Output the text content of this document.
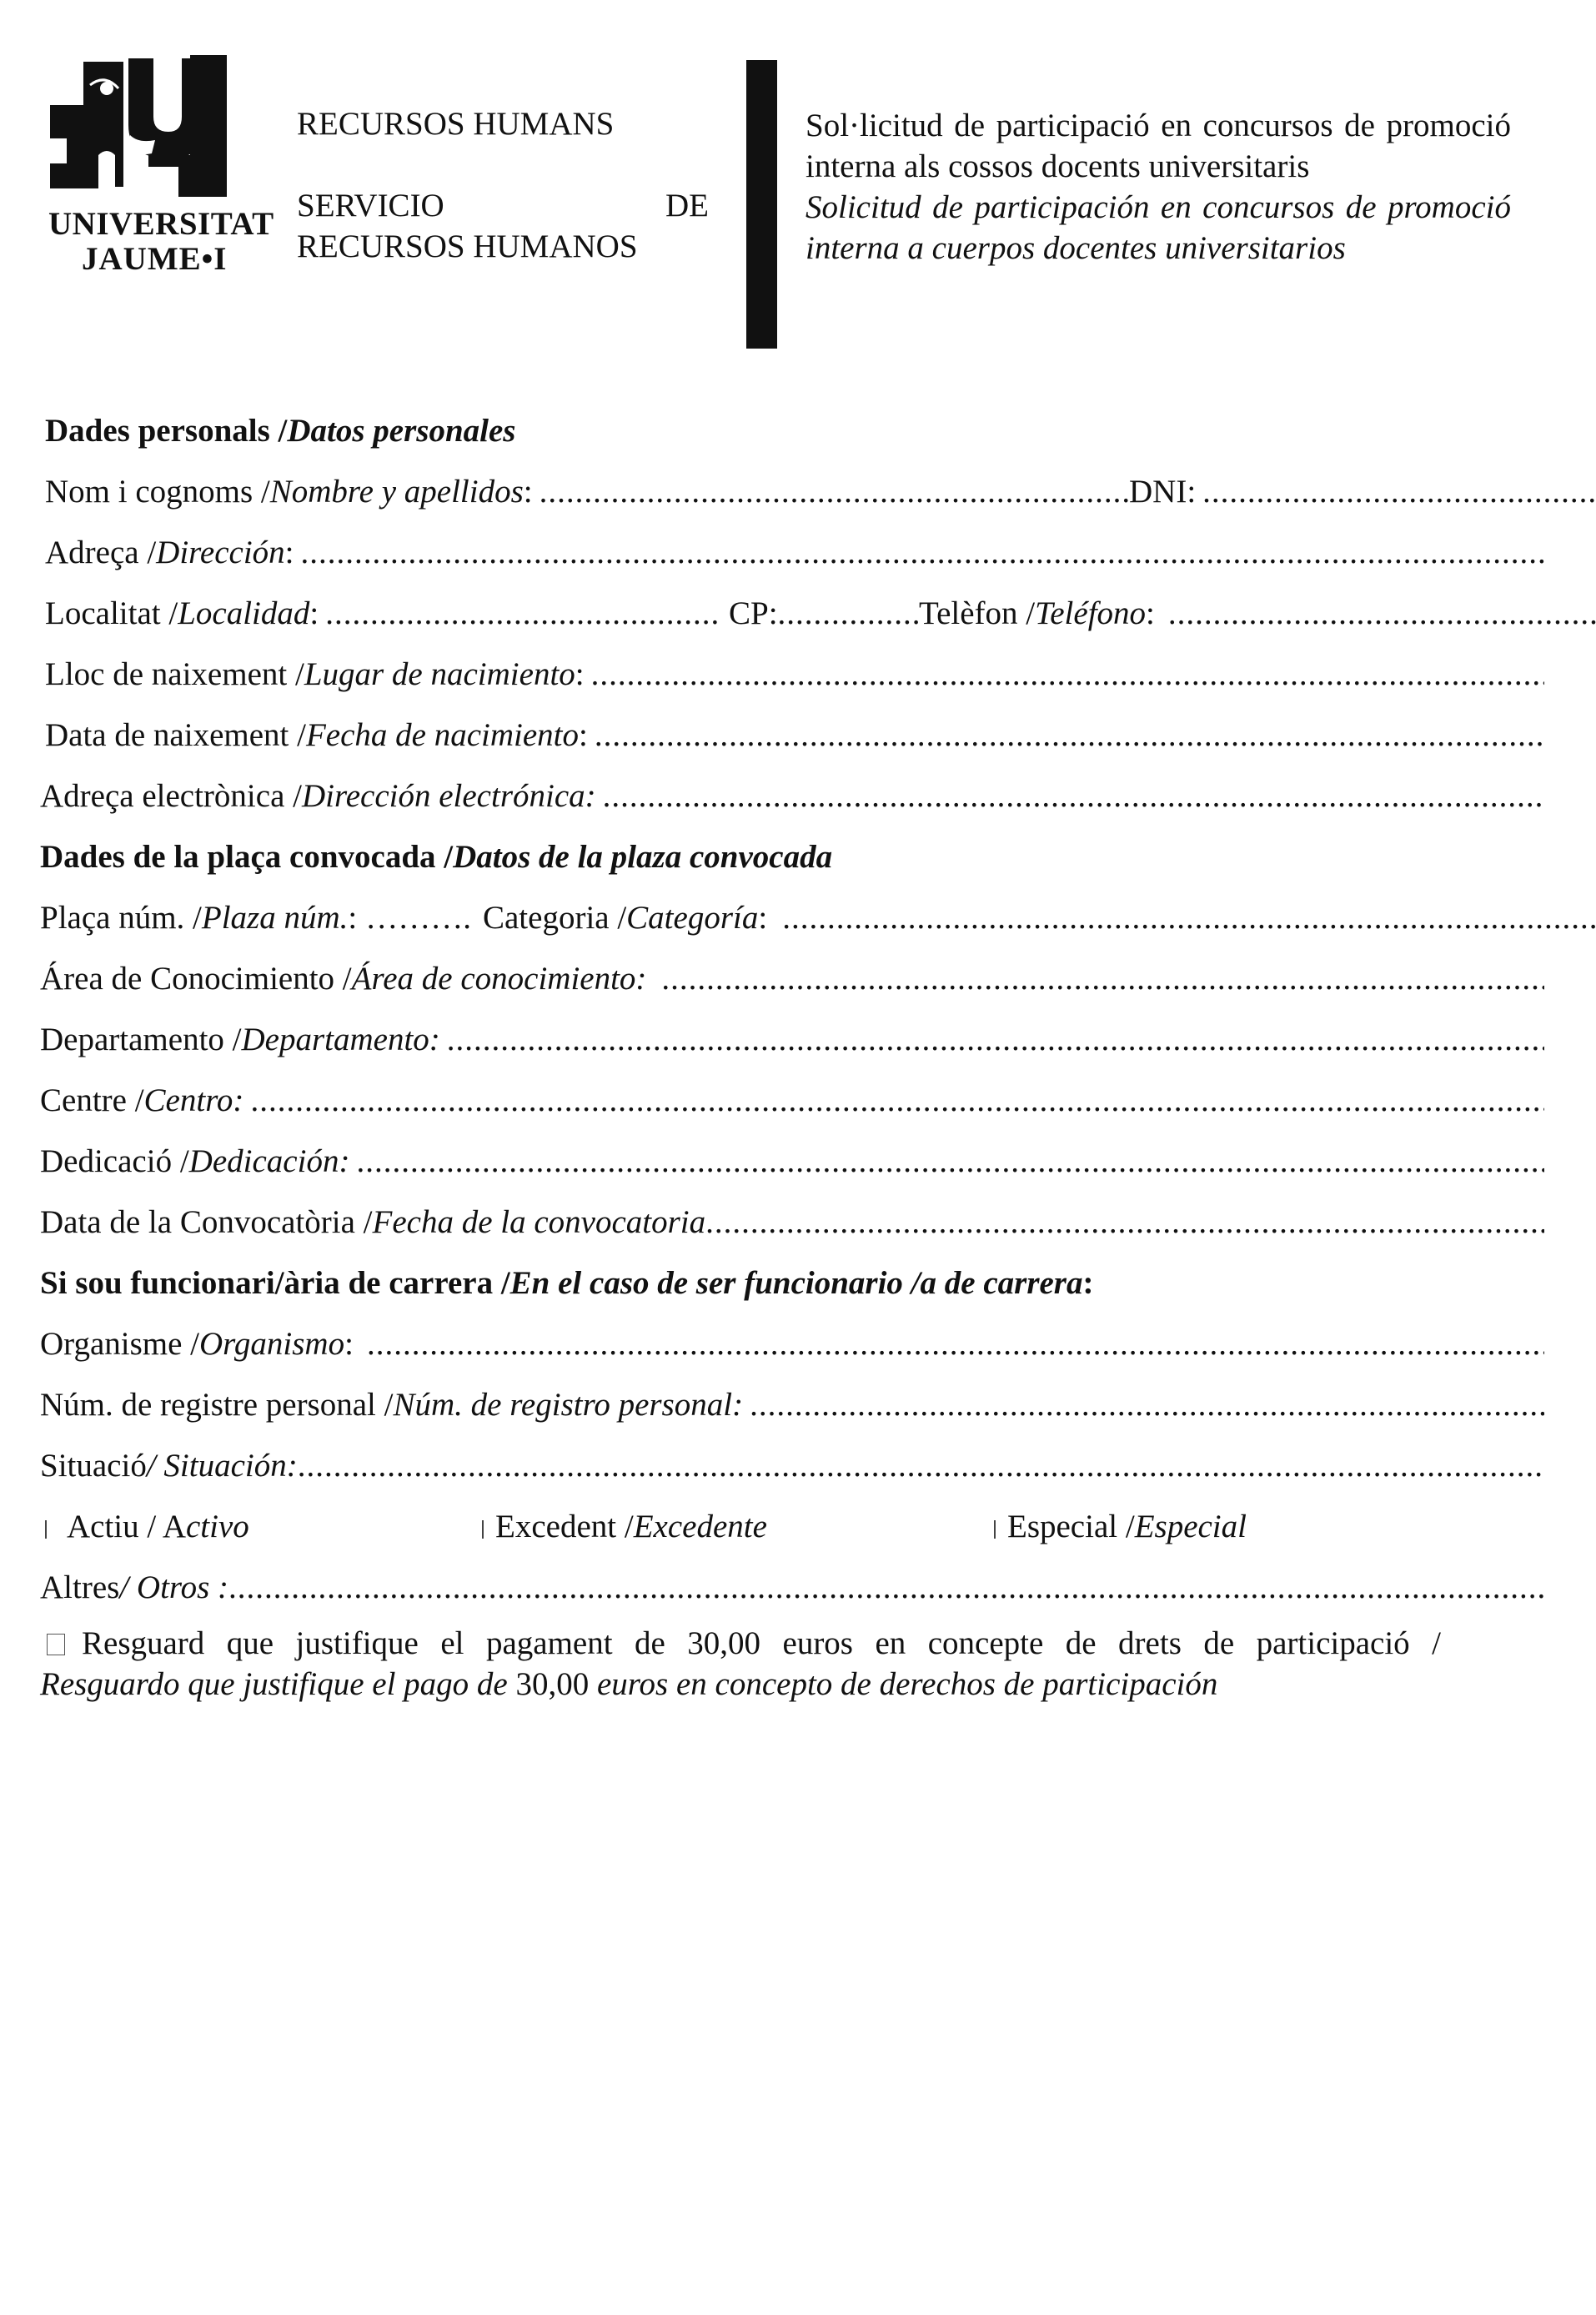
UNIVERSITAT
JAUME•I
RECURSOS HUMANS
SERVICIO	DE
RECURSOS HUMANOS
Sol·licitud de participació en concursos de promoció interna als cossos docents universitaris
Solicitud de participación en concursos de promoció interna a cuerpos docentes universitarios
Dades personals / Datos personales
Nom i cognoms / Nombre y apellidos : .....	DNI:
.....
Adreça / Dirección :
.....
Localitat / Localidad : .....	CP: .....	Telèfon / Teléfono :
.....
Lloc de naixement / Lugar de nacimiento :
.....
Data de naixement / Fecha de nacimiento :
.....
Adreça electrònica / Dirección electrónica:
.....
Dades de la plaça convocada / Datos de la plaza convocada
Plaça núm. / Plaza núm. : ………. Categoria / Categoría :
.....
Área de Conocimiento / Área de conocimiento:
.....
Departamento / Departamento:
.....
Centre / Centro:
.....
Dedicació / Dedicación:
.....
Data de la Convocatòria / Fecha de la convocatoria
.....
Si sou funcionari/ària de carrera / En el caso de ser funcionario /a de carrera :
Organisme / Organismo :
.....
Núm. de registre personal / Núm. de registro personal:
.....
Situació / Situación:
.....
Actiu / A ctivo	Excedent / Excedente	Especial / Especial
Altres / Otros :
.....
Resguard que justifique el pagament de 30,00 euros en concepte de drets de participació /
Resguardo que justifique el pago de 30,00 euros en concepto de derechos de participación
